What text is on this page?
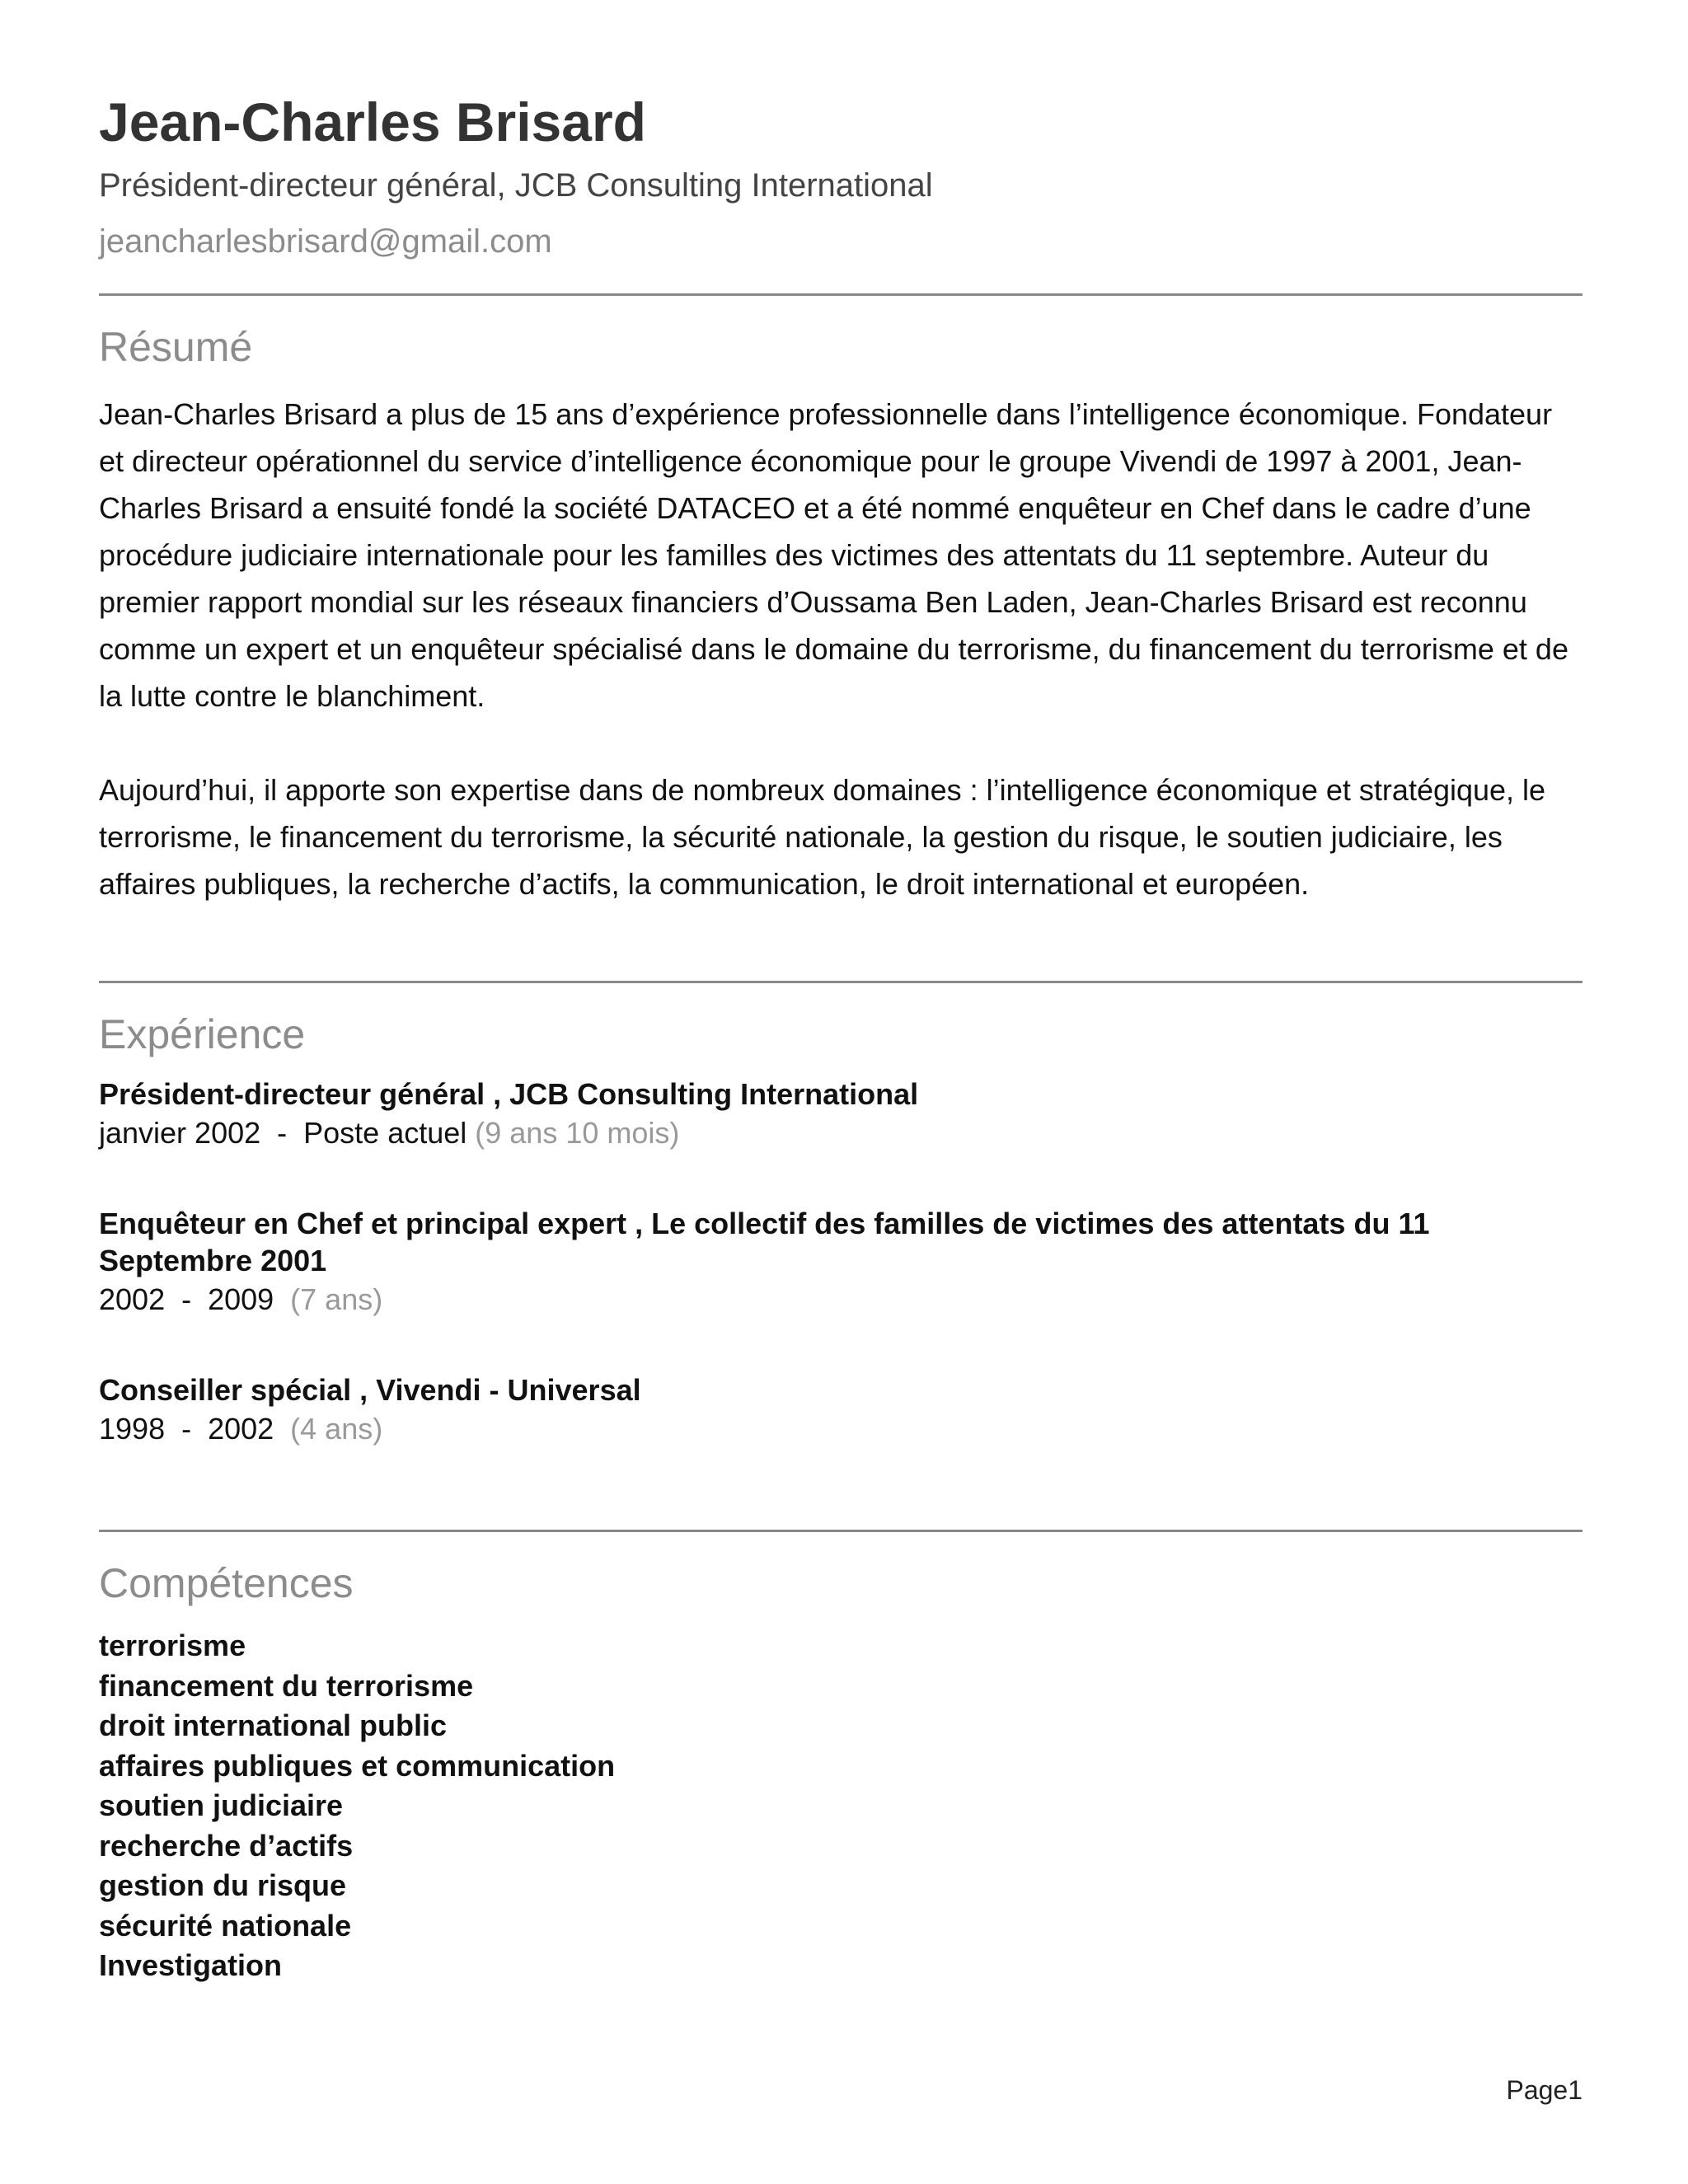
Jean-Charles Brisard
Président-directeur général, JCB Consulting International
jeancharlesbrisard@gmail.com
Résumé

Jean-Charles Brisard a plus de 15 ans d’expérience professionnelle dans l’intelligence économique. Fondateur et directeur opérationnel du service d’intelligence économique pour le groupe Vivendi de 1997 à 2001, Jean-Charles Brisard a ensuité fondé la société DATACEO et a été nommé enquêteur en Chef dans le cadre d’une procédure judiciaire internationale pour les familles des victimes des attentats du 11 septembre. Auteur du premier rapport mondial sur les réseaux financiers d’Oussama Ben Laden, Jean-Charles Brisard est reconnu comme un expert et un enquêteur spécialisé dans le domaine du terrorisme, du financement du terrorisme et de la lutte contre le blanchiment.

Aujourd’hui, il apporte son expertise dans de nombreux domaines : l’intelligence économique et stratégique, le terrorisme, le financement du terrorisme, la sécurité nationale, la gestion du risque, le soutien judiciaire, les affaires publiques, la recherche d’actifs, la communication, le droit international et européen.

Expérience
Président-directeur général , JCB Consulting International
janvier 2002  -  Poste actuel (9 ans 10 mois)
Enquêteur en Chef et principal expert , Le collectif des familles de victimes des attentats du 11 Septembre 2001
2002  -  2009  (7 ans)
Conseiller spécial , Vivendi - Universal
1998  -  2002  (4 ans)
Compétences
terrorisme
financement du terrorisme
droit international public
affaires publiques et communication
soutien judiciaire
recherche d’actifs
gestion du risque
sécurité nationale
Investigation
Page1
